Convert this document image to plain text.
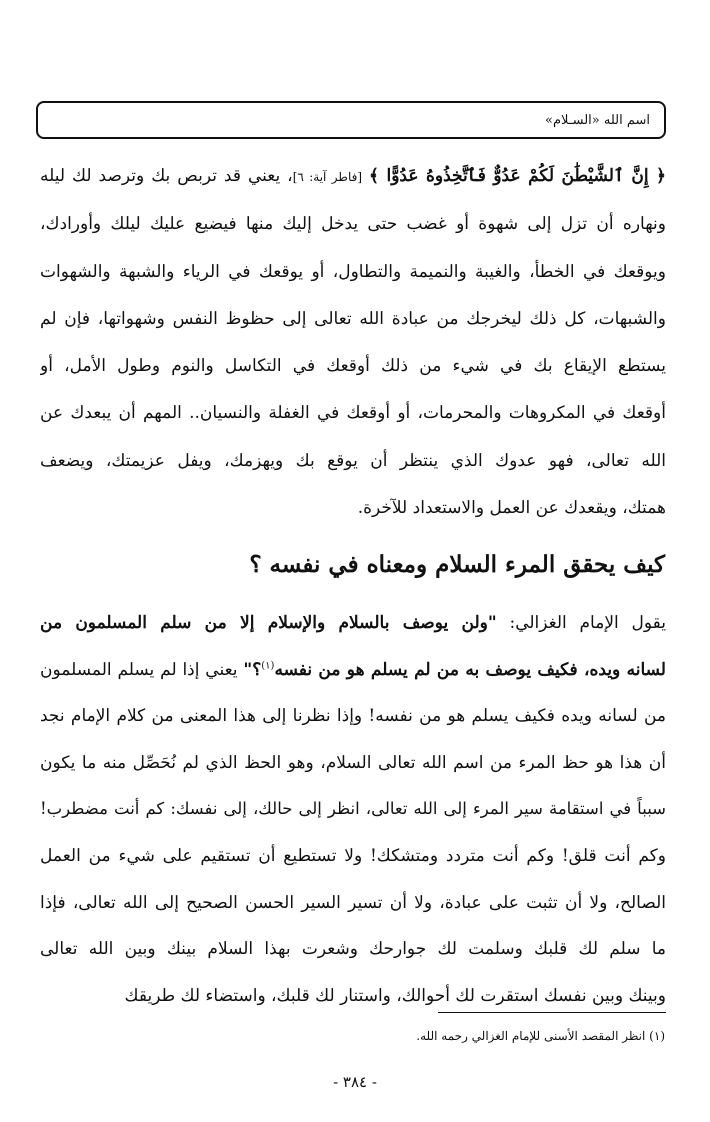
اسم الله «السـلام»
﴿ إِنَّ ٱلشَّيْطَٰنَ لَكُمْ عَدُوٌّ فَٱتَّخِذُوهُ عَدُوًّا ﴾ [فاطر آية: ٦]، يعني قد تربص بك وترصد لك ليله
ونهاره أن تزل إلى شهوة أو غضب حتى يدخل إليك منها فيضيع عليك ليلك وأورادك،
ويوقعك في الخطأ، والغيبة والنميمة والتطاول، أو يوقعك في الرياء والشبهة والشهوات
والشبهات، كل ذلك ليخرجك من عبادة الله تعالى إلى حظوظ النفس وشهواتها، فإن لم
يستطع الإيقاع بك في شيء من ذلك أوقعك في التكاسل والنوم وطول الأمل، أو
أوقعك في المكروهات والمحرمات، أو أوقعك في الغفلة والنسيان.. المهم أن يبعدك عن
الله تعالى، فهو عدوك الذي ينتظر أن يوقع بك ويهزمك، ويفل عزيمتك، ويضعف
همتك، ويقعدك عن العمل والاستعداد للآخرة.
كيف يحقق المرء السلام ومعناه في نفسه ؟
يقول الإمام الغزالي: "ولن يوصف بالسلام والإسلام إلا من سلم المسلمون من
لسانه ويده، فكيف يوصف به من لم يسلم هو من نفسه$^{(١)}$؟" يعني إذا لم يسلم المسلمون
من لسانه ويده فكيف يسلم هو من نفسه! وإذا نظرنا إلى هذا المعنى من كلام الإمام نجد
أن هذا هو حظ المرء من اسم الله تعالى السلام، وهو الحظ الذي لم نُحَصِّل منه ما يكون
سبباً في استقامة سير المرء إلى الله تعالى، انظر إلى حالك، إلى نفسك: كم أنت مضطرب!
وكم أنت قلق! وكم أنت متردد ومتشكك! ولا تستطيع أن تستقيم على شيء من العمل
الصالح، ولا أن تثبت على عبادة، ولا أن تسير السير الحسن الصحيح إلى الله تعالى، فإذا
ما سلم لك قلبك وسلمت لك جوارحك وشعرت بهذا السلام بينك وبين الله تعالى
وبينك وبين نفسك استقرت لك أحوالك، واستنار لك قلبك، واستضاء لك طريقك
(١) انظر المقصد الأسنى للإمام الغزالي رحمه الله.
- ٣٨٤ -
